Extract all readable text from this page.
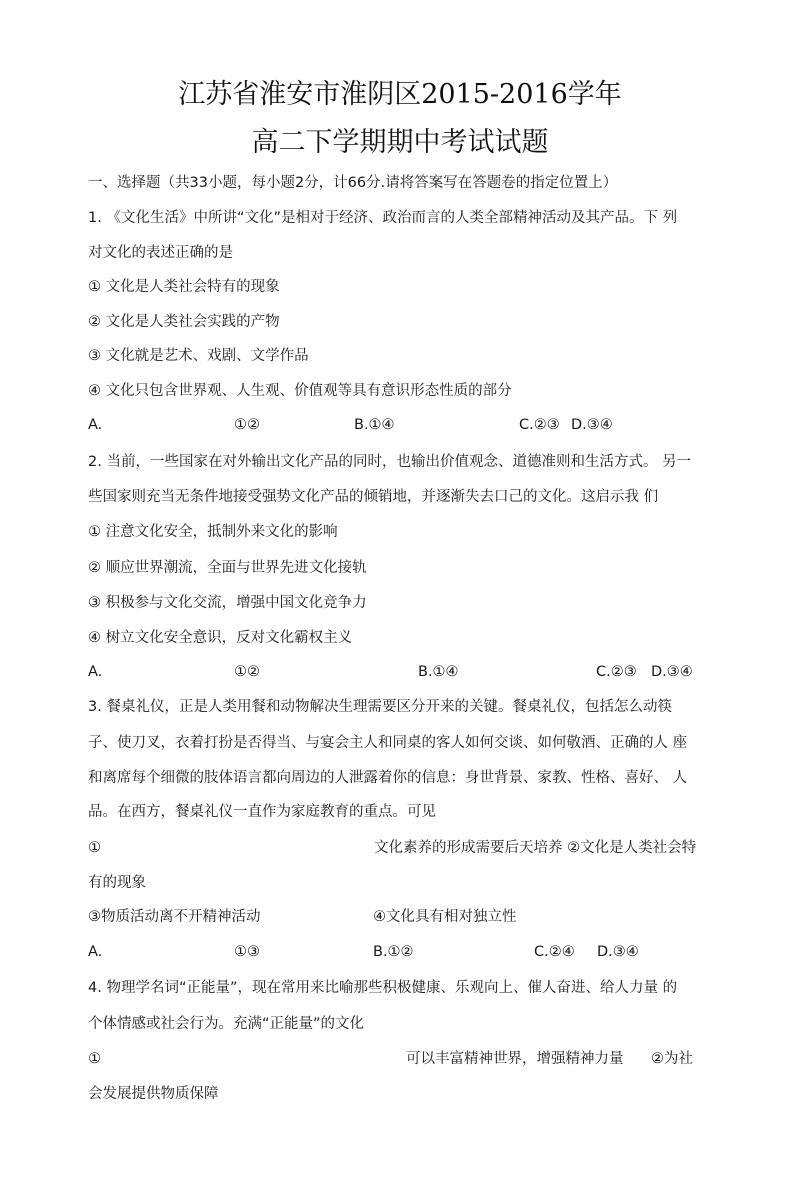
江苏省淮安市淮阴区2015-2016学年
高二下学期期中考试试题
一、选择题（共33小题，每小题2分，计66分.请将答案写在答题卷的指定位置上）
1. 《文化生活》中所讲“文化”是相对于经济、政治而言的人类全部精神活动及其产品。下 列
对文化的表述正确的是
① 文化是人类社会特有的现象
② 文化是人类社会实践的产物
③ 文化就是艺术、戏剧、文学作品
④ 文化只包含世界观、人生观、价值观等具有意识形态性质的部分
A.	①②	B.①④	C.②③ D.③④
2. 当前，一些国家在对外输出文化产品的同时，也输出价值观念、道德准则和生活方式。 另一
些国家则充当无条件地接受强势文化产品的倾销地，并逐渐失去口己的文化。这启示我 们
① 注意文化安全，抵制外来文化的影响
② 顺应世界潮流，全面与世界先进文化接轨
③ 积极参与文化交流，增强中国文化竞争力
④ 树立文化安全意识，反对文化霸权主义
A.	①②	B.①④	C.②③ D.③④
3. 餐桌礼仪，正是人类用餐和动物解决生理需要区分开来的关键。餐桌礼仪，包括怎么动筷
子、使刀叉，衣着打扮是否得当、与宴会主人和同桌的客人如何交谈、如何敬酒、正确的人 座
和离席每个细微的肢体语言都向周边的人泄露着你的信息：身世背景、家教、性格、喜好、 人
品。在西方，餐桌礼仪一直作为家庭教育的重点。可见
①	文化素养的形成需要后天培养 ②文化是人类社会特
有的现象
③物质活动离不开精神活动	④文化具有相对独立性
A.	①③	B.①②	C.②④ D.③④
4. 物理学名词“正能量”，现在常用来比喻那些积极健康、乐观向上、催人奋进、给人力量 的
个体情感或社会行为。充满“正能量”的文化
①	可以丰富精神世界，增强精神力量 ②为社
会发展提供物质保障
